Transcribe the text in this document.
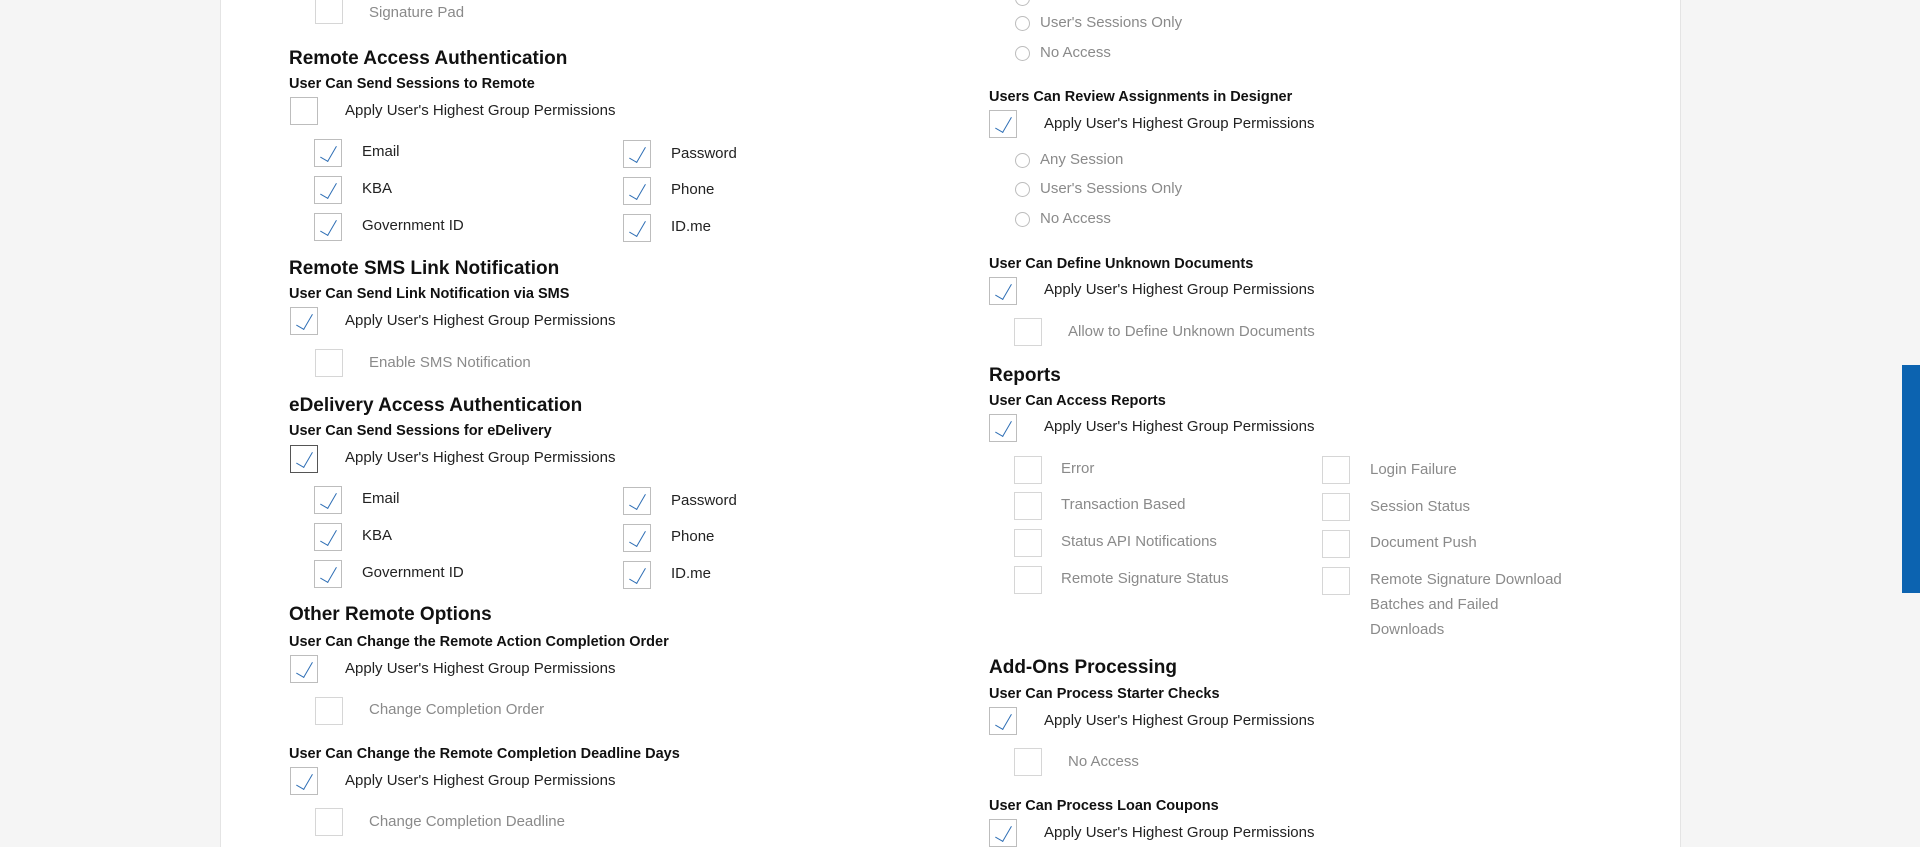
Signature Pad
Remote Access Authentication
User Can Send Sessions to Remote
Apply User's Highest Group Permissions
Email
KBA
Government ID
Password
Phone
ID.me
Remote SMS Link Notification
User Can Send Link Notification via SMS
Apply User's Highest Group Permissions
Enable SMS Notification
eDelivery Access Authentication
User Can Send Sessions for eDelivery
Apply User's Highest Group Permissions
Email
KBA
Government ID
Password
Phone
ID.me
Other Remote Options
User Can Change the Remote Action Completion Order
Apply User's Highest Group Permissions
Change Completion Order
User Can Change the Remote Completion Deadline Days
Apply User's Highest Group Permissions
Change Completion Deadline
User's Sessions Only
No Access
Users Can Review Assignments in Designer
Apply User's Highest Group Permissions
Any Session
User's Sessions Only
No Access
User Can Define Unknown Documents
Apply User's Highest Group Permissions
Allow to Define Unknown Documents
Reports
User Can Access Reports
Apply User's Highest Group Permissions
Error
Transaction Based
Status API Notifications
Remote Signature Status
Login Failure
Session Status
Document Push
Remote Signature Download
Batches and Failed
Downloads
Add-Ons Processing
User Can Process Starter Checks
Apply User's Highest Group Permissions
No Access
User Can Process Loan Coupons
Apply User's Highest Group Permissions
